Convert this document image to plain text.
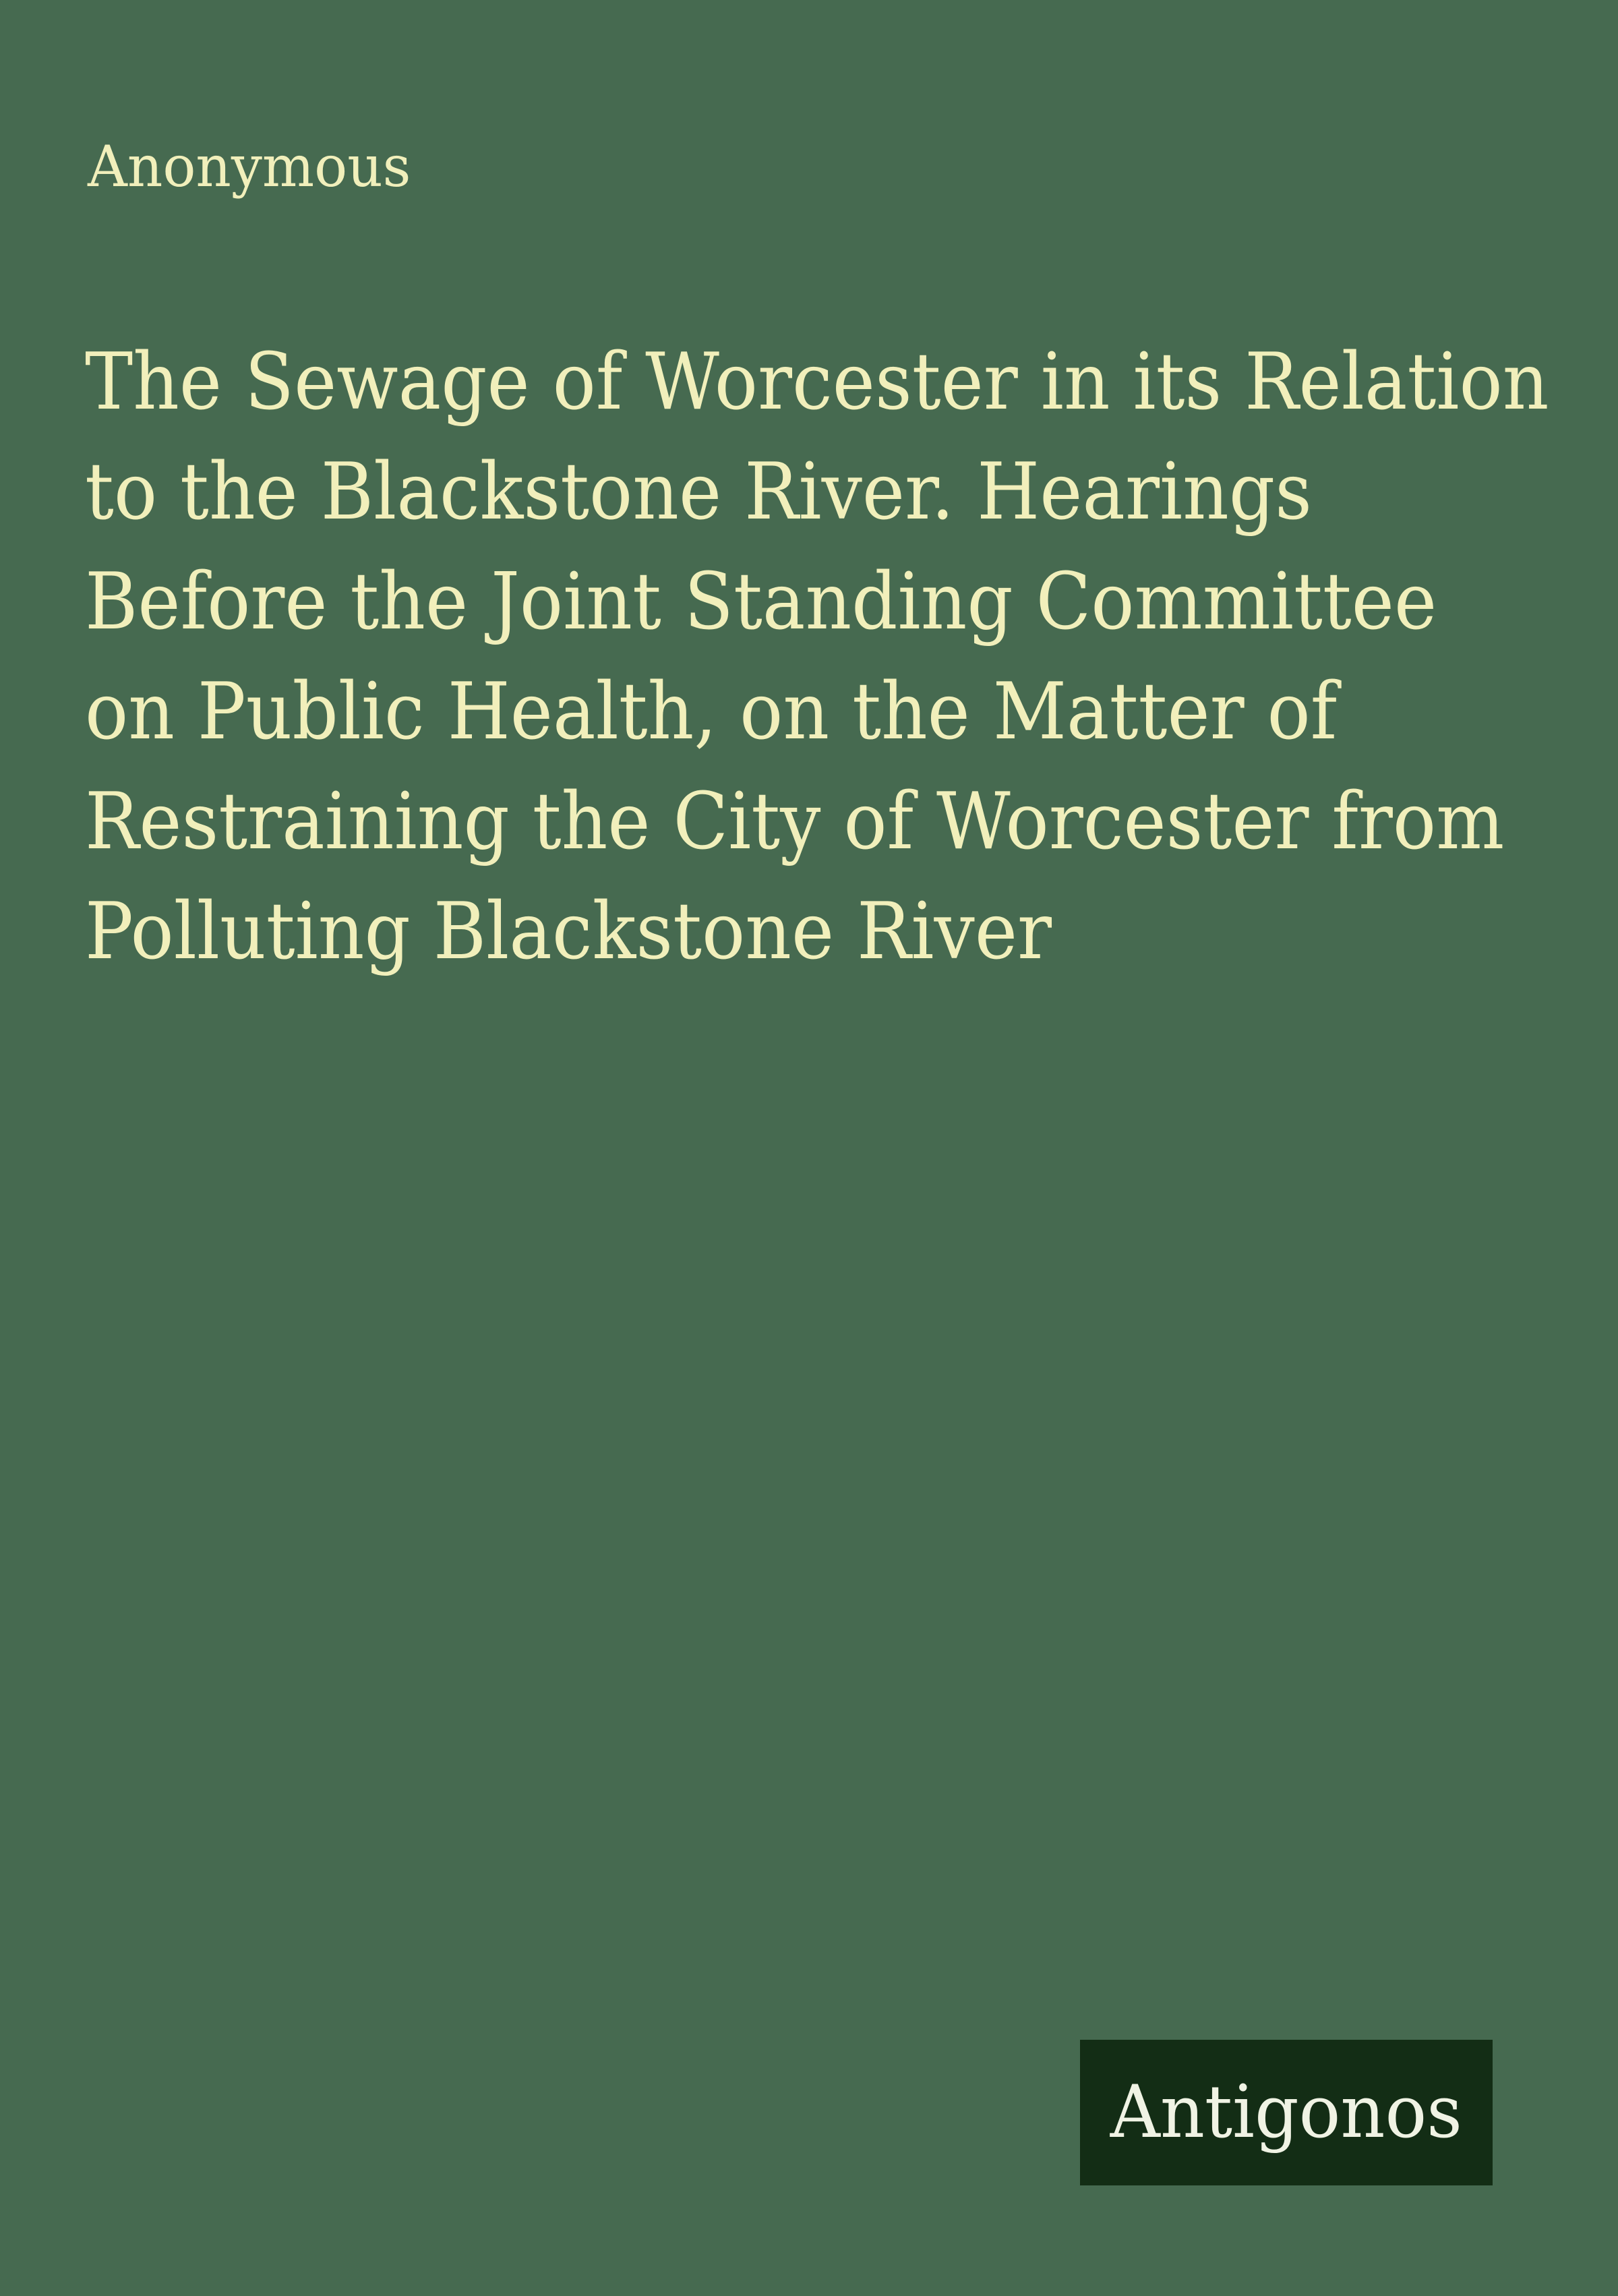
Anonymous
The Sewage of Worcester in its Relation
to the Blackstone River. Hearings
Before the Joint Standing Committee
on Public Health, on the Matter of
Restraining the City of Worcester from
Polluting Blackstone River
Antigonos
